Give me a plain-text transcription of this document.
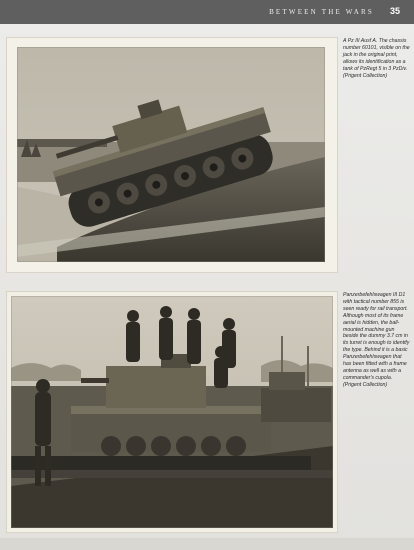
BETWEEN THE WARS 35

A Pz III Ausf A. The chassis number 60101, visible on the jack in the original print, allows its identification as a tank of PzRegt 5 in 3 PzDiv. (Prigent Collection)

Panzerbefehlswagen III D1 with tactical number 855 is seen ready for rail transport. Although most of its frame aerial is hidden, the ball-mounted machine gun beside the dummy 3.7 cm in its turret is enough to identify the type. Behind it is a basic Panzerbefehlswagen that has been fitted with a frame antenna as well as with a commander's cupola. (Prigent Collection)
